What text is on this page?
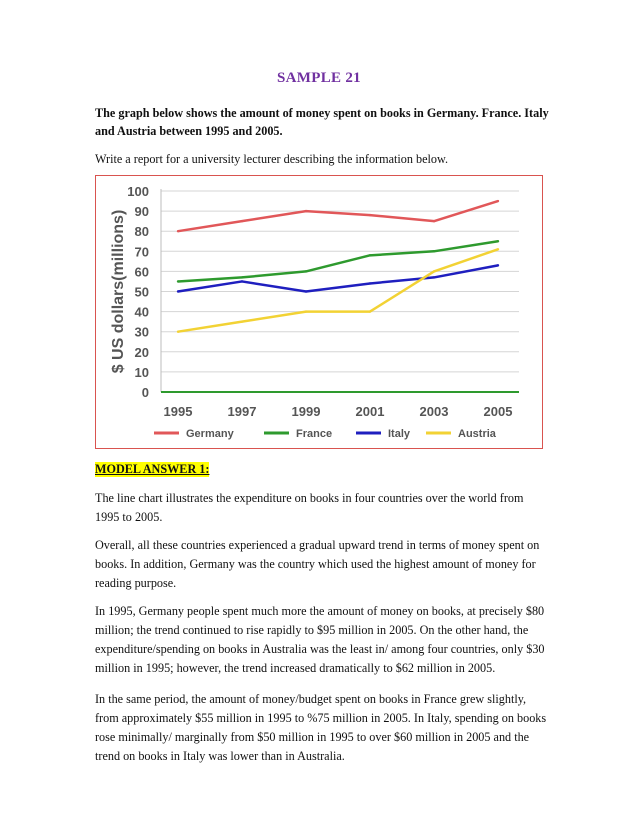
SAMPLE 21
The graph below shows the amount of money spent on books in Germany. France. Italy and Austria between 1995 and 2005.
Write a report for a university lecturer describing the information below.
0
10
20
30
40
50
60
70
80
90
100
1995	1997	1999	2001	2003	2005
$ US dollars(millions)
Germany	France	Italy	Austria
MODEL ANSWER 1:

The line chart illustrates the expenditure on books in four countries over the world from 1995 to 2005.

Overall, all these countries experienced a gradual upward trend in terms of money spent on books. In addition, Germany was the country which used the highest amount of money for reading purpose.

In 1995, Germany people spent much more the amount of money on books, at precisely $80 million; the trend continued to rise rapidly to $95 million in 2005. On the other hand, the expenditure/spending on books in Australia was the least in/ among four countries, only $30 million in 1995; however, the trend increased dramatically to $62 million in 2005.

In the same period, the amount of money/budget spent on books in France grew slightly, from approximately $55 million in 1995 to %75 million in 2005. In Italy, spending on books rose minimally/ marginally from $50 million in 1995 to over $60 million in 2005 and the trend on books in Italy was lower than in Australia.
